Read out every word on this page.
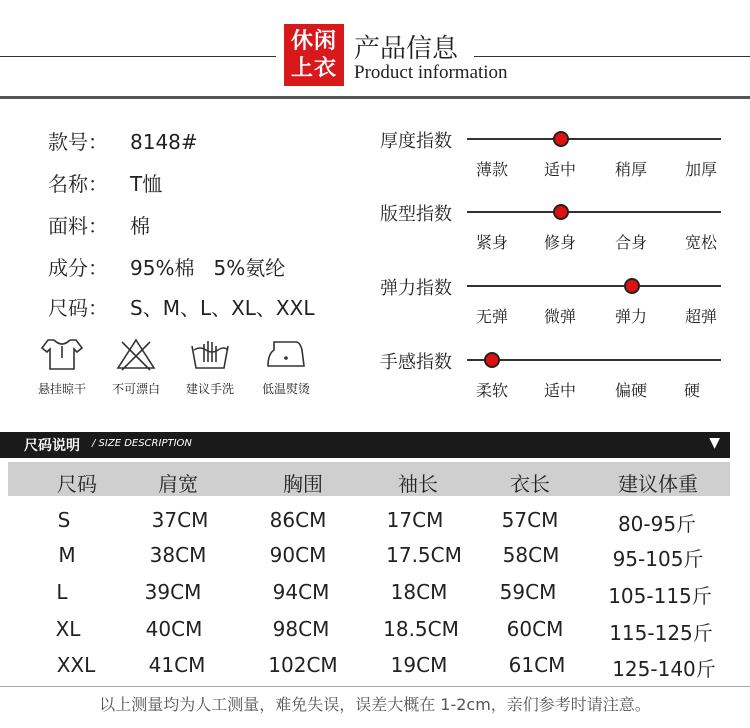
休闲
上衣
产品信息
Product information
款号： 8148#
名称： T恤
面料： 棉
成分： 95%棉   5%氨纶
尺码： S、M、L、XL、XXL
悬挂晾干	不可漂白	建议手洗	低温熨烫
厚度指数
薄款 适中 稍厚 加厚
版型指数
紧身 修身 合身 宽松
弹力指数
无弹 微弹 弹力 超弹
手感指数
柔软 适中 偏硬 硬
尺码说明 / SIZE DESCRIPTION	▼
尺码	肩宽	胸围	袖长	衣长	建议体重
S	37CM	86CM	17CM	57CM	80-95斤
M	38CM	90CM	17.5CM 58CM	95-105斤
L	39CM	94CM	18CM	59CM	105-115斤
XL	40CM	98CM	18.5CM 60CM 115-125斤
XXL	41CM	102CM	19CM	61CM 125-140斤
以上测量均为人工测量，难免失误，误差大概在 1-2cm，亲们参考时请注意。
